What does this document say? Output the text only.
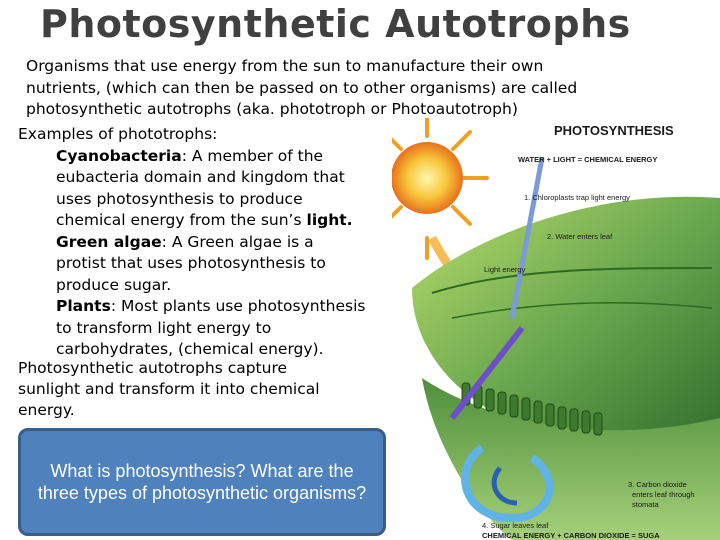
Photosynthetic Autotrophs
Organisms that use energy from the sun to manufacture their own
nutrients, (which can then be passed on to other organisms) are called
photosynthetic autotrophs (aka. phototroph or Photoautotroph)
Examples of phototrophs:
Cyanobacteria: A member of the
eubacteria domain and kingdom that
uses photosynthesis to produce
chemical energy from the sun’s light.
Green algae: A Green algae is a
protist that uses photosynthesis to
produce sugar.
Plants: Most plants use photosynthesis
to transform light energy to
carbohydrates, (chemical energy).
Photosynthetic autotrophs capture
sunlight and transform it into chemical
energy.
What is photosynthesis? What are the three types of photosynthetic organisms?
PHOTOSYNTHESIS
WATER + LIGHT = CHEMICAL ENERGY
1. Chloroplasts trap light energy
2. Water enters leaf
Light energy
3. Carbon dioxide
enters leaf through
stomata
4. Sugar leaves leaf
CHEMICAL ENERGY + CARBON DIOXIDE = SUGA
